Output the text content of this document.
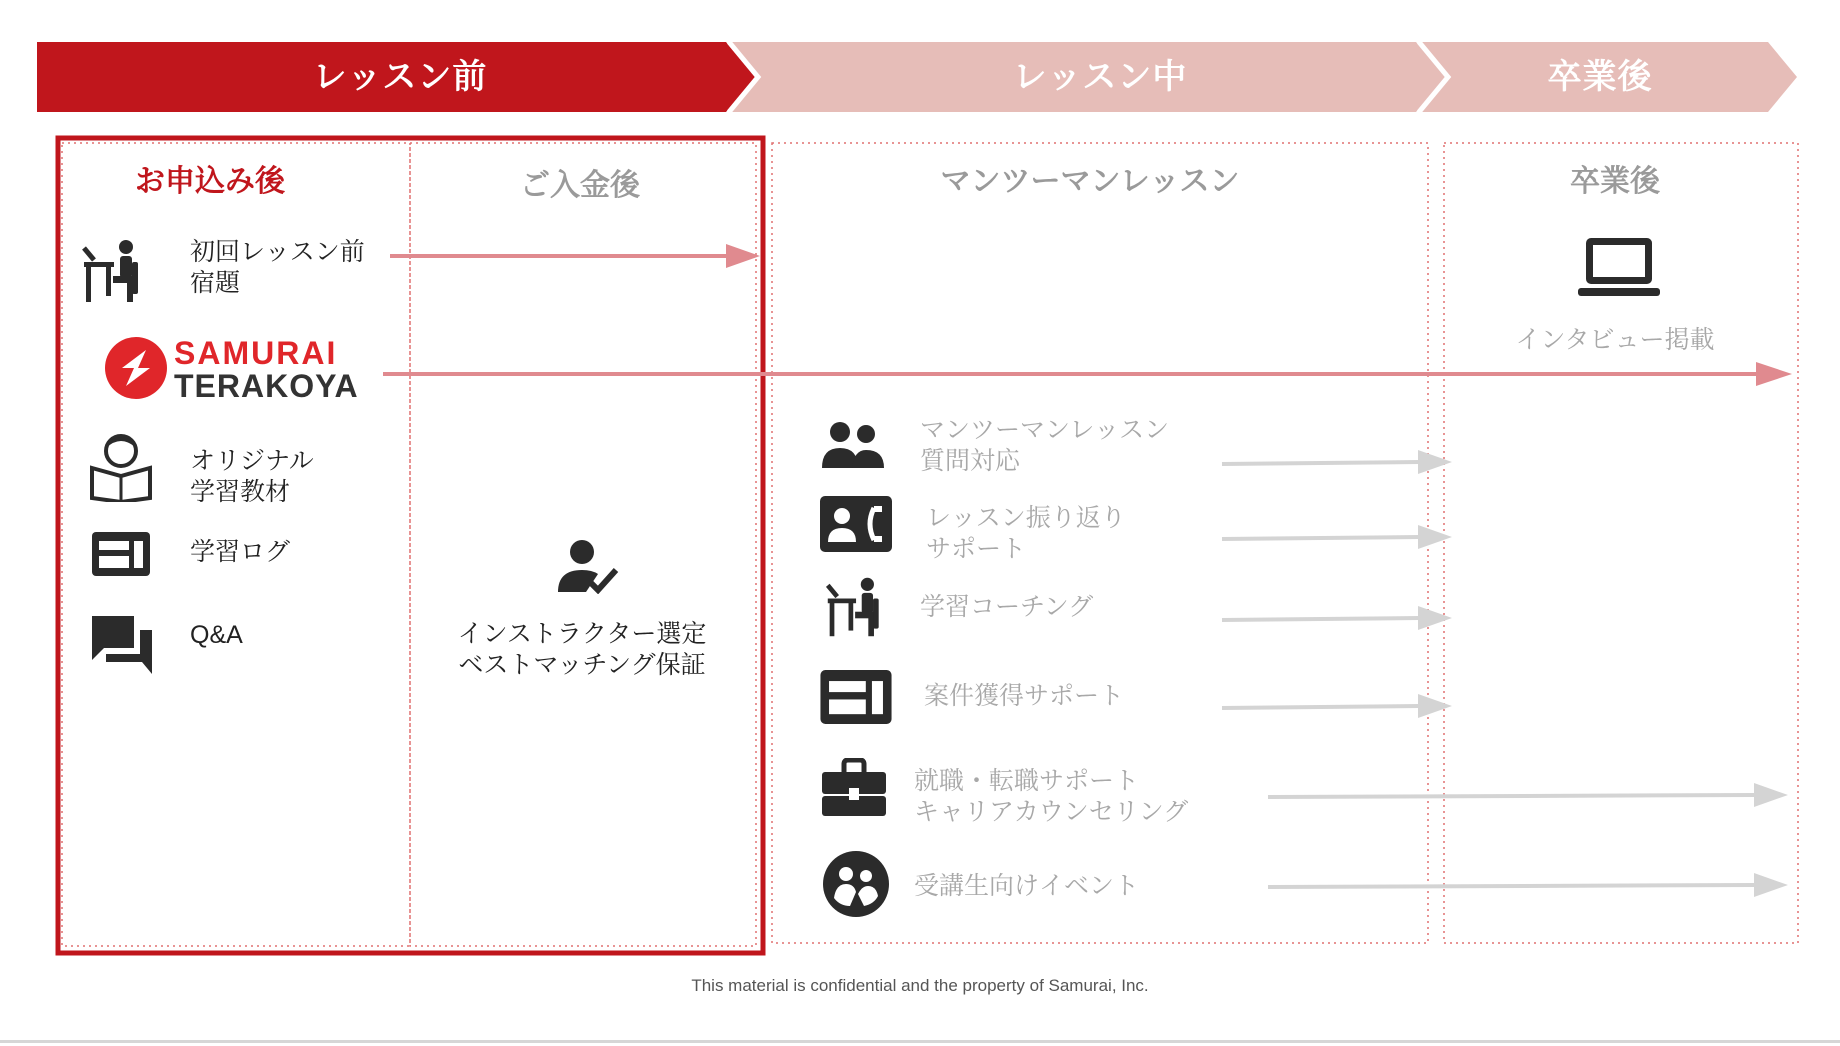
レッスン前	レッスン中	卒業後
お申込み後	ご入金後	マンツーマンレッスン	卒業後
初回レッスン前
宿題
SAMURAI
TERAKOYA
オリジナル
学習教材
学習ログ
Q&A	インストラクター選定
ベストマッチング保証
マンツーマンレッスン
質問対応
レッスン振り返り
サポート
学習コーチング
案件獲得サポート
就職・転職サポート
キャリアカウンセリング
受講生向けイベント
インタビュー掲載
This material is confidential and the property of Samurai, Inc.
